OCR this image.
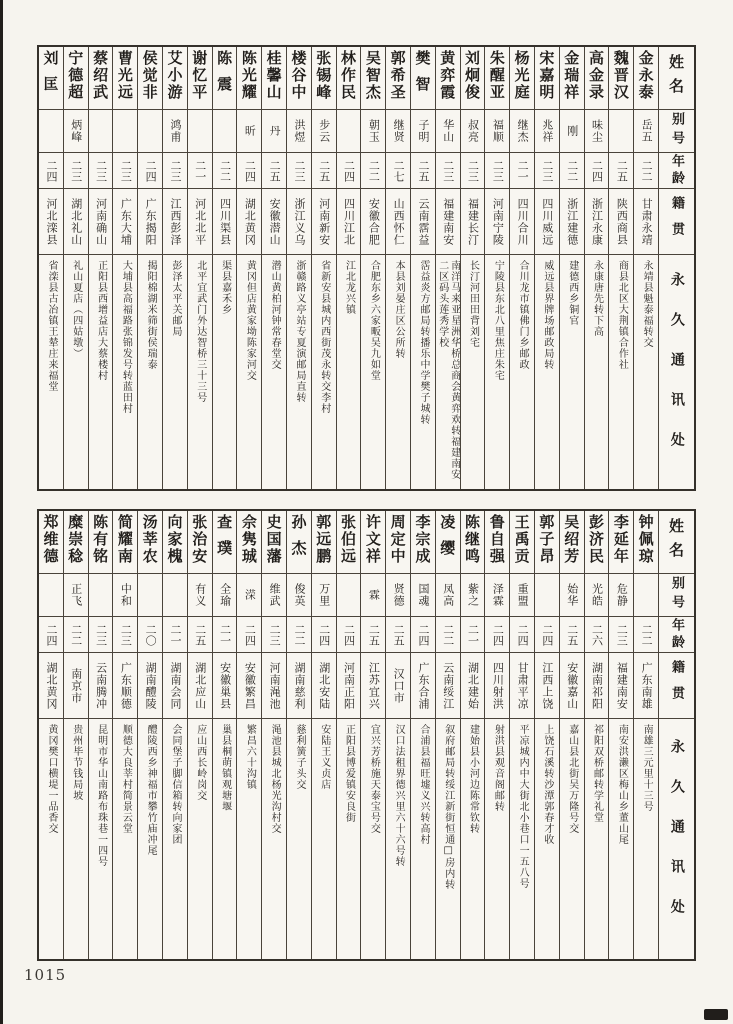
姓名
别号
年龄
籍贯
永久通讯处
金永泰
岳五
二二
甘肃永靖
永靖县魁泰福转交
魏晋汉
二五
陕西商县
商县北区大荆镇合作社
高金录
味尘
二四
浙江永康
永康唐先转下高
金瑞祥
刚
二二
浙江建德
建德西乡铜官
宋嘉明
兆祥
二三
四川威远
威远县界牌场邮政局转
杨光庭
继杰
二一
四川合川
合川龙市镇佛门乡邮政
朱醒亚
福顺
二三
河南宁陵
宁陵县东北八里焦庄朱宅
刘炯俊
叔亮
二三
福建长汀
长汀河田田背刘宅
黄弈霞
华山
二三
福建南安
南洋马来亚星洲华桥总商会黄弈欢转福建南安二区码头莲秀学校
樊智
子明
二五
云南霑益
霑益炎方邮局转播乐中学樊子城转
郭希圣
继贤
二七
山西怀仁
本县刘晏庄区公所转
吴智杰
朝玉
二二
安徽合肥
合肥东乡六家畈吴九如堂
林作民
二四
四川江北
江北龙兴镇
张锡峰
步云
二五
河南新安
省新安县城内西街茂永转交李村
楼谷中
洪煜
二三
浙江义乌
浙赣路义亭站专夏演邮局直转
桂馨山
丹
二五
安徽潜山
潜山黄柏河钟常春堂交
陈光耀
昕
二四
湖北黄冈
黄冈但店黄家坳陈家河交
陈震
二二
四川渠县
渠县嘉禾乡
谢忆平
二一
河北北平
北平宜武门外达智桥三十三号
艾小游
鸿甫
二三
江西彭泽
彭泽太平关邮局
侯觉非
二四
广东揭阳
揭阳棉湖米筛街侯瑞泰
曹光远
二三
广东大埔
大埔县高福路张锦发号转蓝田村
蔡绍武
二三
河南确山
正阳县西增益店大蔡楼村
宁德超
炳峰
二三
湖北礼山
礼山夏店（四姑墩）
刘匡
二四
河北滦县
省滦县古冶镇王辇庄来福堂
姓名
别号
年龄
籍贯
永久通讯处
钟佩琼
二二
广东南雄
南雄三元里十三号
李延年
危静
二三
福建南安
南安洪濑区梅山乡董山尾
彭济民
光皓
二六
湖南祁阳
祁阳双桥邮转学礼堂
吴绍芳
始华
二五
安徽嘉山
嘉山县北街吴万隆号交
郭子昂
二四
江西上饶
上饶石溪转沙潭郭春才收
王禹贡
重盟
二四
甘肃平凉
平凉城内中大街北小巷口一五八号
鲁自强
泽霖
二四
四川射洪
射洪县观音阁邮转
陈继鸣
紫之
二一
湖北建始
建始县小河边陈常钦转
凌缨
凤高
二二
云南绥江
叙府邮局转绥江新街恒通□房内转
李宗成
国魂
二四
广东合浦
合浦县福旺墟义兴转高村
周定中
贤德
二五
汉口市
汉口法租界德兴里六十六号转
许文祥
霖
二五
江苏宜兴
宜兴芳桥施天泰宝号交
张伯远
二四
河南正阳
正阳县博爱镇安良街
郭远鹏
万里
二四
湖北安陆
安陆王义贞店
孙杰
俊英
二二
湖南慈利
慈利簧子头交
史国藩
维武
二三
河南渑池
渑池县城北杨光沟村交
佘隽珹
溁
二四
安徽繁昌
繁昌六十沟镇
查璞
全瑜
二一
安徽巢县
巢县桐萌镇观塘堰
张治安
有义
二五
湖北应山
应山西长岭岗交
向家槐
二一
湖南会同
会同堡子脚信箱转向家团
汤莘农
二〇
湖南醴陵
醴陵西乡神福市攀竹庙冲尾
简耀南
中和
二三
广东顺德
顺德大良莘村简景云堂
陈有铭
二三
云南腾冲
昆明市华山南路布珠巷一四号
糜崇稔
正飞
二二
南京市
贵州毕节钱局坡
郑维德
二四
湖北黄冈
黄冈樊口横堤一品香交
1015
